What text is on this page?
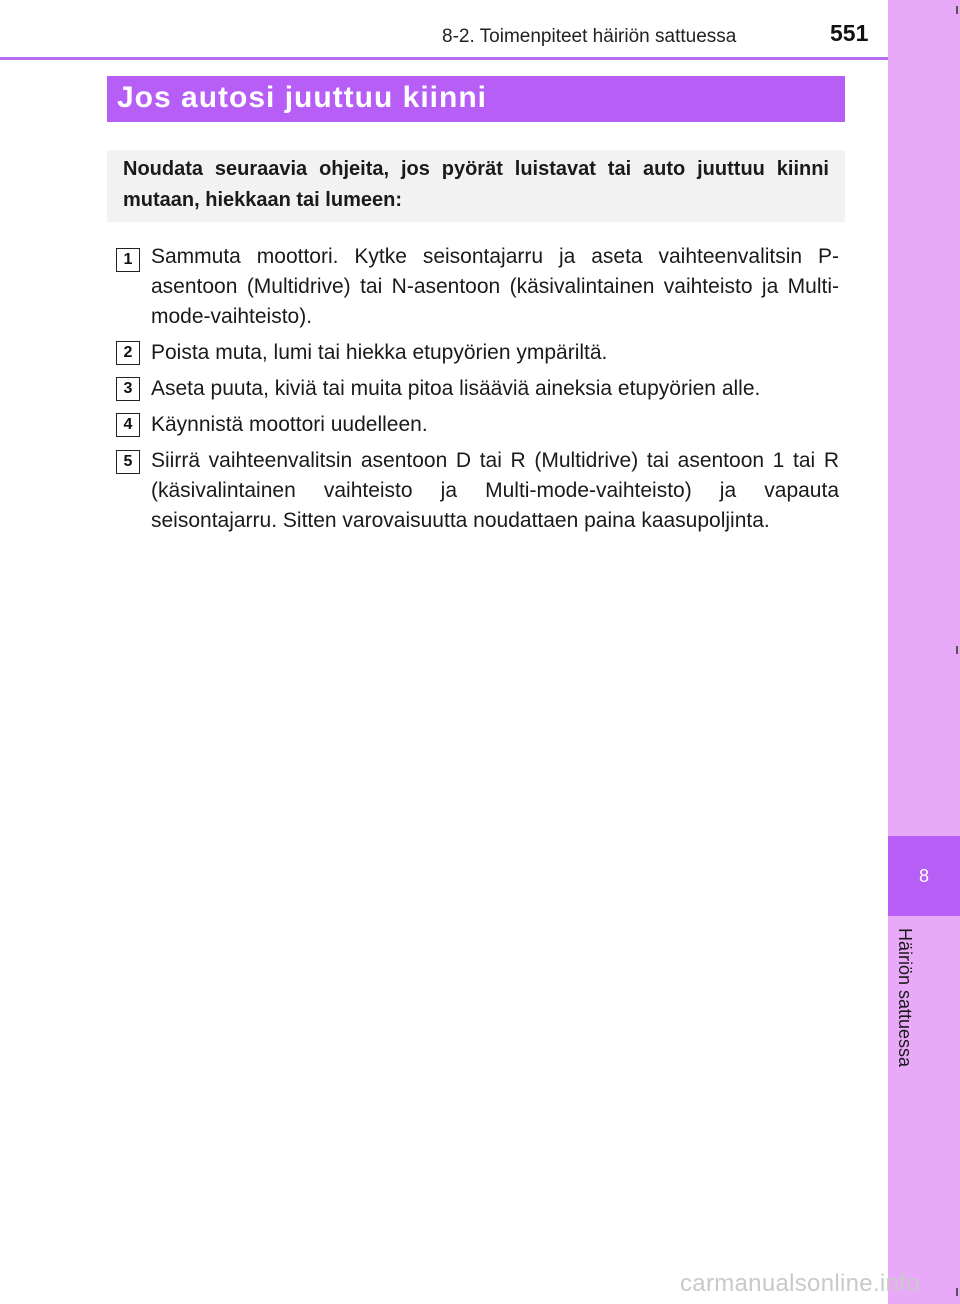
8
Häiriön sattuessa
8-2. Toimenpiteet häiriön sattuessa	551
Jos autosi juuttuu kiinni
Noudata seuraavia ohjeita, jos pyörät luistavat tai auto juuttuu kiinni mutaan, hiekkaan tai lumeen:
1 Sammuta moottori. Kytke seisontajarru ja aseta vaihteenvalitsin P-asentoon (Multidrive) tai N-asentoon (käsivalintainen vaihteisto ja Multi-mode-vaihteisto).
2 Poista muta, lumi tai hiekka etupyörien ympäriltä.
3 Aseta puuta, kiviä tai muita pitoa lisääviä aineksia etupyörien alle.
4 Käynnistä moottori uudelleen.
5 Siirrä vaihteenvalitsin asentoon D tai R (Multidrive) tai asentoon 1 tai R (käsivalintainen vaihteisto ja Multi-mode-vaihteisto) ja vapauta seisontajarru. Sitten varovaisuutta noudattaen paina kaasupoljinta.
carmanualsonline.info
